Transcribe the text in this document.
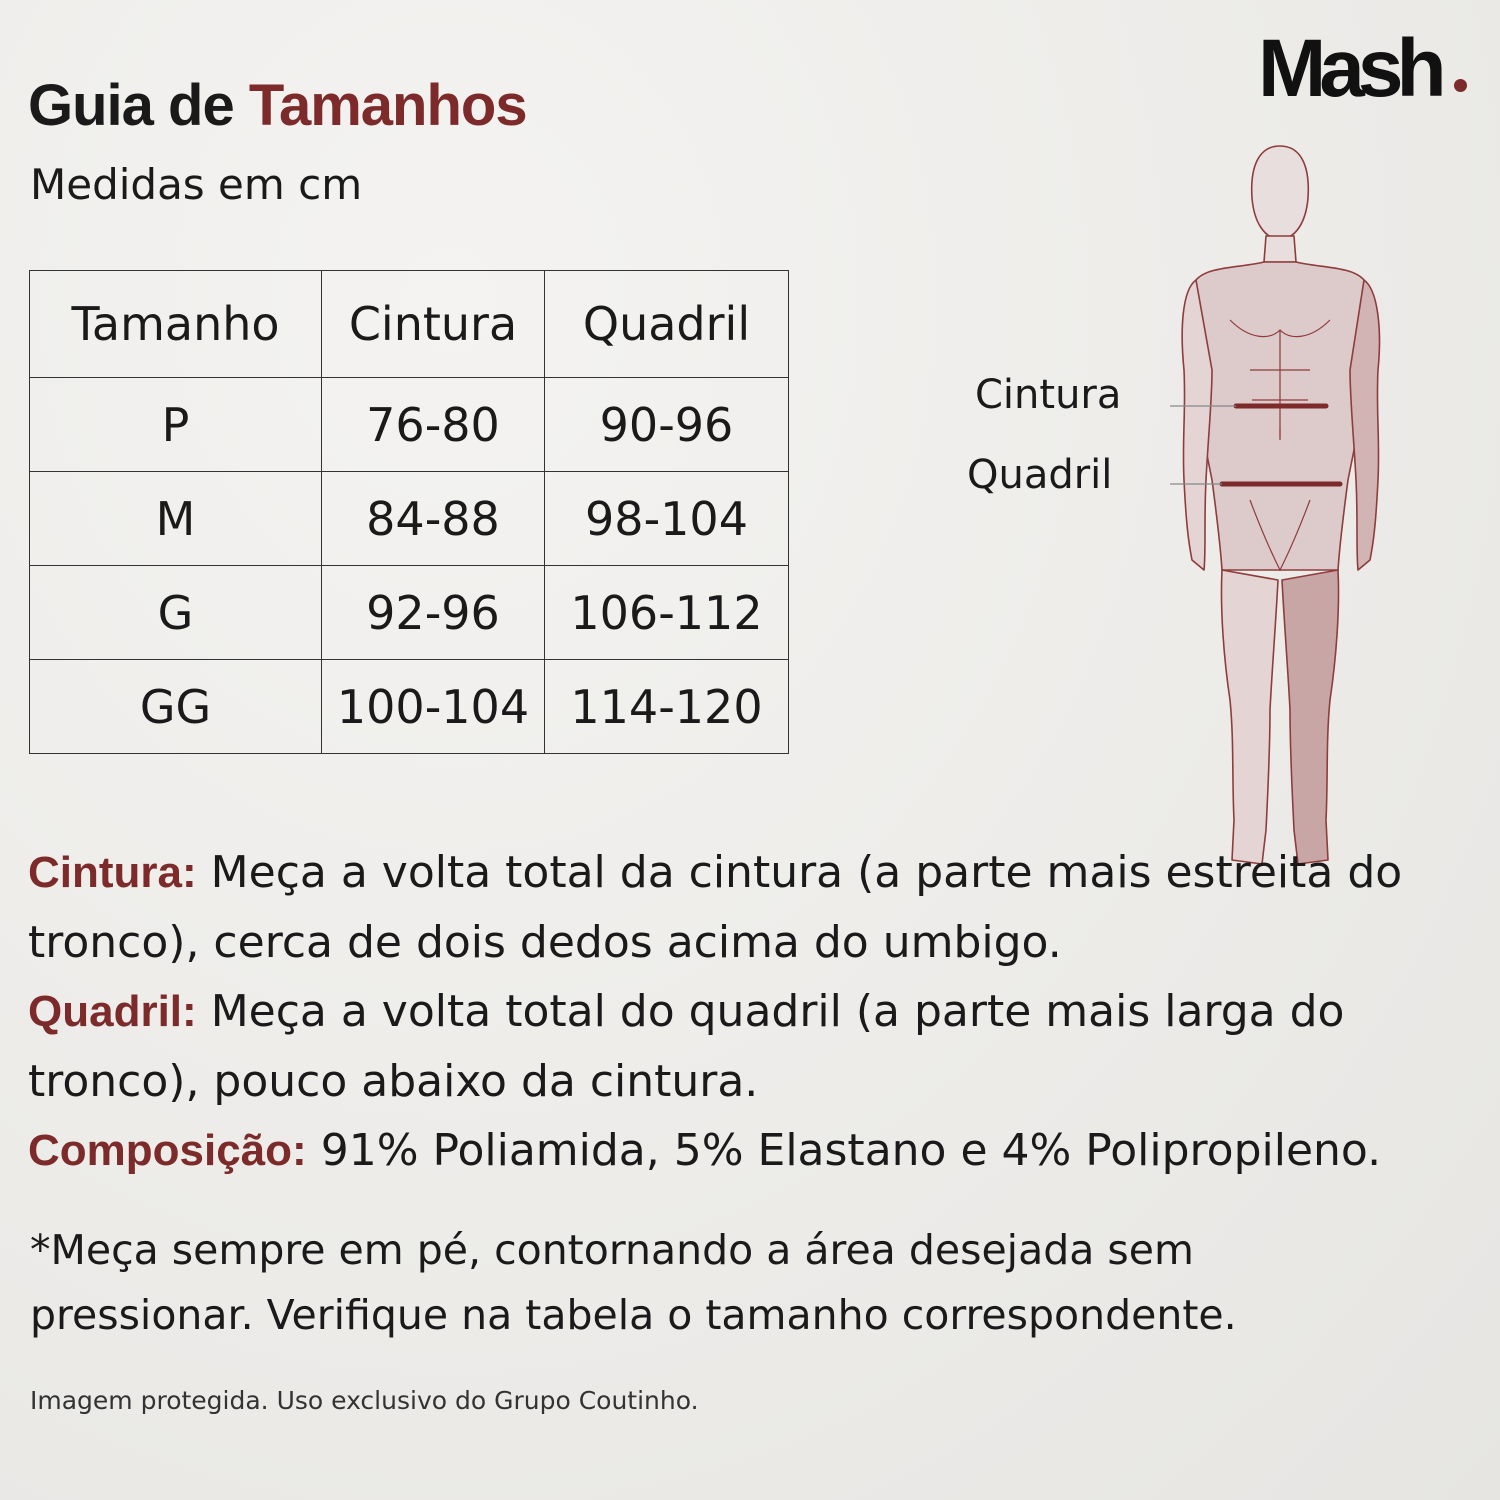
Guia de Tamanhos
Medidas em cm
Mash
Tamanho	Cintura	Quadril
P	76-80	90-96
M	84-88	98-104
G	92-96	106-112
GG	100-104	114-120
Cintura
Quadril
Cintura: Meça a volta total da cintura (a parte mais estreita do tronco), cerca de dois dedos acima do umbigo.
Quadril: Meça a volta total do quadril (a parte mais larga do tronco), pouco abaixo da cintura.
Composição: 91% Poliamida, 5% Elastano e 4% Polipropileno.
*Meça sempre em pé, contornando a área desejada sem pressionar. Verifique na tabela o tamanho correspondente.
Imagem protegida. Uso exclusivo do Grupo Coutinho.
